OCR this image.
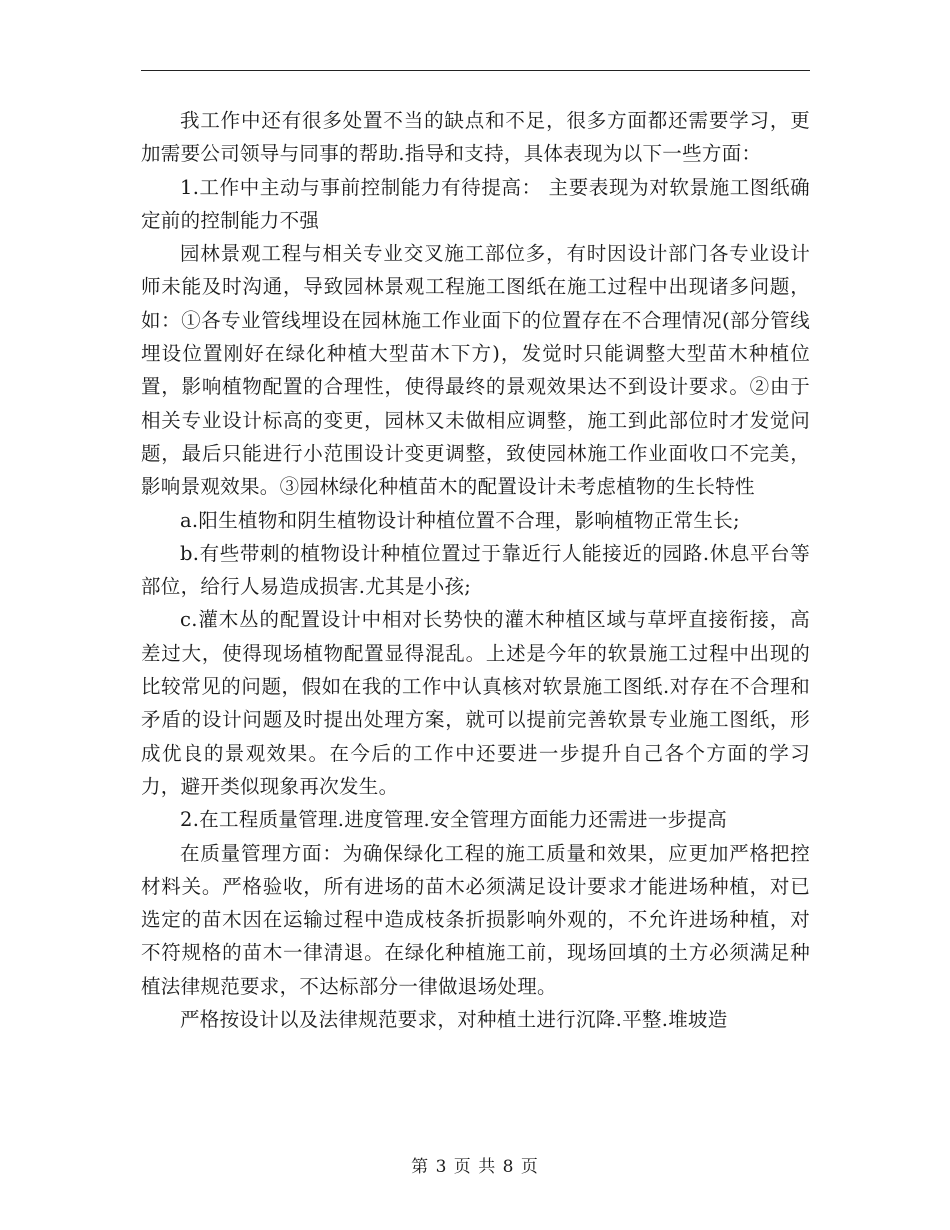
我工作中还有很多处置不当的缺点和不足，很多方面都还需要学习，更加需要公司领导与同事的帮助.指导和支持，具体表现为以下一些方面：

1.工作中主动与事前控制能力有待提高： 主要表现为对软景施工图纸确定前的控制能力不强

园林景观工程与相关专业交叉施工部位多，有时因设计部门各专业设计师未能及时沟通，导致园林景观工程施工图纸在施工过程中出现诸多问题，如：①各专业管线埋设在园林施工作业面下的位置存在不合理情况(部分管线埋设位置刚好在绿化种植大型苗木下方)，发觉时只能调整大型苗木种植位置，影响植物配置的合理性，使得最终的景观效果达不到设计要求。②由于相关专业设计标高的变更，园林又未做相应调整，施工到此部位时才发觉问题，最后只能进行小范围设计变更调整，致使园林施工作业面收口不完美，影响景观效果。③园林绿化种植苗木的配置设计未考虑植物的生长特性

a.阳生植物和阴生植物设计种植位置不合理，影响植物正常生长;

b.有些带刺的植物设计种植位置过于靠近行人能接近的园路.休息平台等部位，给行人易造成损害.尤其是小孩;

c.灌木丛的配置设计中相对长势快的灌木种植区域与草坪直接衔接，高差过大，使得现场植物配置显得混乱。上述是今年的软景施工过程中出现的比较常见的问题，假如在我的工作中认真核对软景施工图纸.对存在不合理和矛盾的设计问题及时提出处理方案，就可以提前完善软景专业施工图纸，形成优良的景观效果。在今后的工作中还要进一步提升自己各个方面的学习力，避开类似现象再次发生。

2.在工程质量管理.进度管理.安全管理方面能力还需进一步提高

在质量管理方面：为确保绿化工程的施工质量和效果，应更加严格把控材料关。严格验收，所有进场的苗木必须满足设计要求才能进场种植，对已选定的苗木因在运输过程中造成枝条折损影响外观的，不允许进场种植，对不符规格的苗木一律清退。在绿化种植施工前，现场回填的土方必须满足种植法律规范要求，不达标部分一律做退场处理。

严格按设计以及法律规范要求，对种植土进行沉降.平整.堆坡造

第 3 页 共 8 页
